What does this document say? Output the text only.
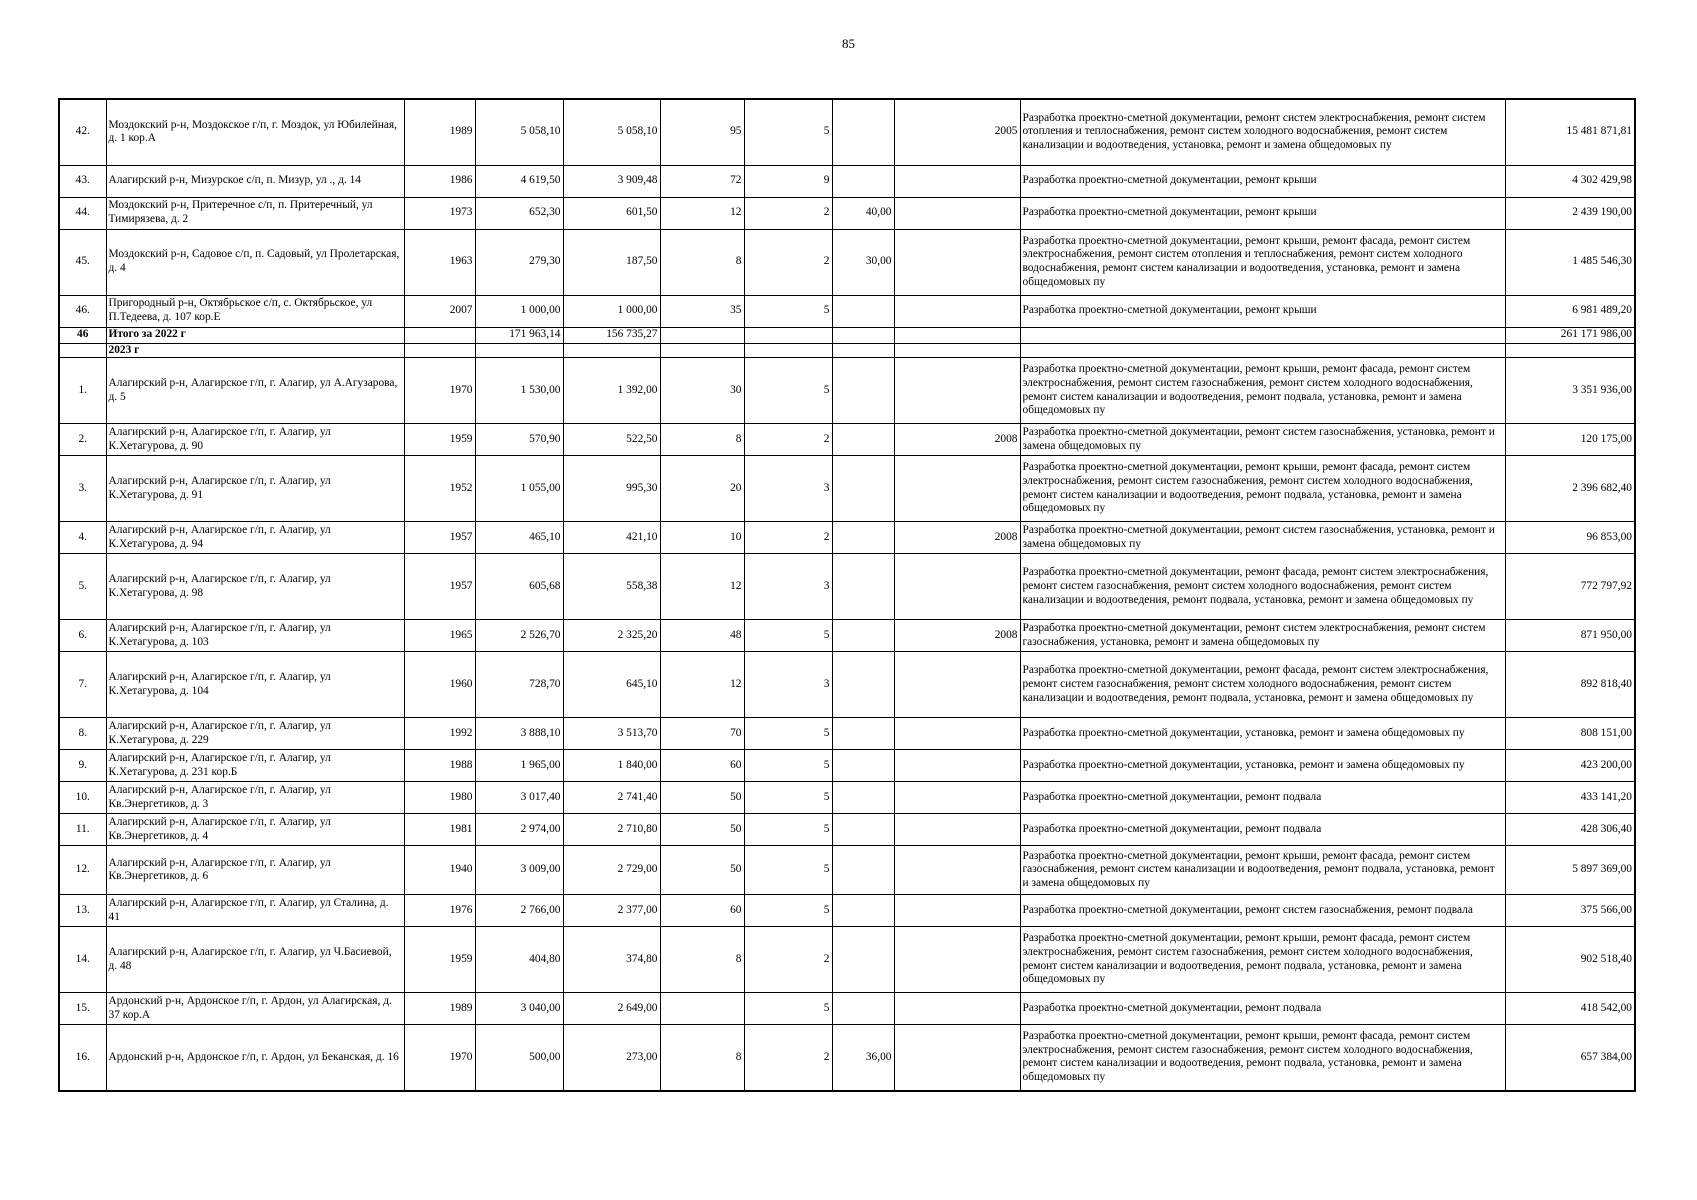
85
42.	Моздокский р-н, Моздокское г/п, г. Моздок, ул Юбилейная, д. 1 кор.А	1989	5 058,10	5 058,10	95	5		2005	Разработка проектно-сметной документации, ремонт систем электроснабжения, ремонт систем отопления и теплоснабжения, ремонт систем холодного водоснабжения, ремонт систем канализации и водоотведения, установка, ремонт и замена общедомовых пу	15 481 871,81
43.	Алагирский р-н, Мизурское с/п, п. Мизур, ул ., д. 14	1986	4 619,50	3 909,48	72	9			Разработка проектно-сметной документации, ремонт крыши	4 302 429,98
44.	Моздокский р-н, Притеречное с/п, п. Притеречный, ул Тимирязева, д. 2	1973	652,30	601,50	12	2	40,00		Разработка проектно-сметной документации, ремонт крыши	2 439 190,00
45.	Моздокский р-н, Садовое с/п, п. Садовый, ул Пролетарская, д. 4	1963	279,30	187,50	8	2	30,00		Разработка проектно-сметной документации, ремонт крыши, ремонт фасада, ремонт систем электроснабжения, ремонт систем отопления и теплоснабжения, ремонт систем холодного водоснабжения, ремонт систем канализации и водоотведения, установка, ремонт и замена общедомовых пу	1 485 546,30
46.	Пригородный р-н, Октябрьское с/п, с. Октябрьское, ул П.Тедеева, д. 107 кор.Е	2007	1 000,00	1 000,00	35	5			Разработка проектно-сметной документации, ремонт крыши	6 981 489,20
46	Итого за 2022 г		171 963,14	156 735,27						261 171 986,00
	2023 г									
1.	Алагирский р-н, Алагирское г/п, г. Алагир, ул А.Агузарова, д. 5	1970	1 530,00	1 392,00	30	5			Разработка проектно-сметной документации, ремонт крыши, ремонт фасада, ремонт систем электроснабжения, ремонт систем газоснабжения, ремонт систем холодного водоснабжения, ремонт систем канализации и водоотведения, ремонт подвала, установка, ремонт и замена общедомовых пу	3 351 936,00
2.	Алагирский р-н, Алагирское г/п, г. Алагир, ул К.Хетагурова, д. 90	1959	570,90	522,50	8	2		2008	Разработка проектно-сметной документации, ремонт систем газоснабжения, установка, ремонт и замена общедомовых пу	120 175,00
3.	Алагирский р-н, Алагирское г/п, г. Алагир, ул К.Хетагурова, д. 91	1952	1 055,00	995,30	20	3			Разработка проектно-сметной документации, ремонт крыши, ремонт фасада, ремонт систем электроснабжения, ремонт систем газоснабжения, ремонт систем холодного водоснабжения, ремонт систем канализации и водоотведения, ремонт подвала, установка, ремонт и замена общедомовых пу	2 396 682,40
4.	Алагирский р-н, Алагирское г/п, г. Алагир, ул К.Хетагурова, д. 94	1957	465,10	421,10	10	2		2008	Разработка проектно-сметной документации, ремонт систем газоснабжения, установка, ремонт и замена общедомовых пу	96 853,00
5.	Алагирский р-н, Алагирское г/п, г. Алагир, ул К.Хетагурова, д. 98	1957	605,68	558,38	12	3			Разработка проектно-сметной документации, ремонт фасада, ремонт систем электроснабжения, ремонт систем газоснабжения, ремонт систем холодного водоснабжения, ремонт систем канализации и водоотведения, ремонт подвала, установка, ремонт и замена общедомовых пу	772 797,92
6.	Алагирский р-н, Алагирское г/п, г. Алагир, ул К.Хетагурова, д. 103	1965	2 526,70	2 325,20	48	5		2008	Разработка проектно-сметной документации, ремонт систем электроснабжения, ремонт систем газоснабжения, установка, ремонт и замена общедомовых пу	871 950,00
7.	Алагирский р-н, Алагирское г/п, г. Алагир, ул К.Хетагурова, д. 104	1960	728,70	645,10	12	3			Разработка проектно-сметной документации, ремонт фасада, ремонт систем электроснабжения, ремонт систем газоснабжения, ремонт систем холодного водоснабжения, ремонт систем канализации и водоотведения, ремонт подвала, установка, ремонт и замена общедомовых пу	892 818,40
8.	Алагирский р-н, Алагирское г/п, г. Алагир, ул К.Хетагурова, д. 229	1992	3 888,10	3 513,70	70	5			Разработка проектно-сметной документации, установка, ремонт и замена общедомовых пу	808 151,00
9.	Алагирский р-н, Алагирское г/п, г. Алагир, ул К.Хетагурова, д. 231 кор.Б	1988	1 965,00	1 840,00	60	5			Разработка проектно-сметной документации, установка, ремонт и замена общедомовых пу	423 200,00
10.	Алагирский р-н, Алагирское г/п, г. Алагир, ул Кв.Энергетиков, д. 3	1980	3 017,40	2 741,40	50	5			Разработка проектно-сметной документации, ремонт подвала	433 141,20
11.	Алагирский р-н, Алагирское г/п, г. Алагир, ул Кв.Энергетиков, д. 4	1981	2 974,00	2 710,80	50	5			Разработка проектно-сметной документации, ремонт подвала	428 306,40
12.	Алагирский р-н, Алагирское г/п, г. Алагир, ул Кв.Энергетиков, д. 6	1940	3 009,00	2 729,00	50	5			Разработка проектно-сметной документации, ремонт крыши, ремонт фасада, ремонт систем газоснабжения, ремонт систем канализации и водоотведения, ремонт подвала, установка, ремонт и замена общедомовых пу	5 897 369,00
13.	Алагирский р-н, Алагирское г/п, г. Алагир, ул Сталина, д. 41	1976	2 766,00	2 377,00	60	5			Разработка проектно-сметной документации, ремонт систем газоснабжения, ремонт подвала	375 566,00
14.	Алагирский р-н, Алагирское г/п, г. Алагир, ул Ч.Басиевой, д. 48	1959	404,80	374,80	8	2			Разработка проектно-сметной документации, ремонт крыши, ремонт фасада, ремонт систем электроснабжения, ремонт систем газоснабжения, ремонт систем холодного водоснабжения, ремонт систем канализации и водоотведения, ремонт подвала, установка, ремонт и замена общедомовых пу	902 518,40
15.	Ардонский р-н, Ардонское г/п, г. Ардон, ул Алагирская, д. 37 кор.А	1989	3 040,00	2 649,00		5			Разработка проектно-сметной документации, ремонт подвала	418 542,00
16.	Ардонский р-н, Ардонское г/п, г. Ардон, ул Беканская, д. 16	1970	500,00	273,00	8	2	36,00		Разработка проектно-сметной документации, ремонт крыши, ремонт фасада, ремонт систем электроснабжения, ремонт систем газоснабжения, ремонт систем холодного водоснабжения, ремонт систем канализации и водоотведения, ремонт подвала, установка, ремонт и замена общедомовых пу	657 384,00
